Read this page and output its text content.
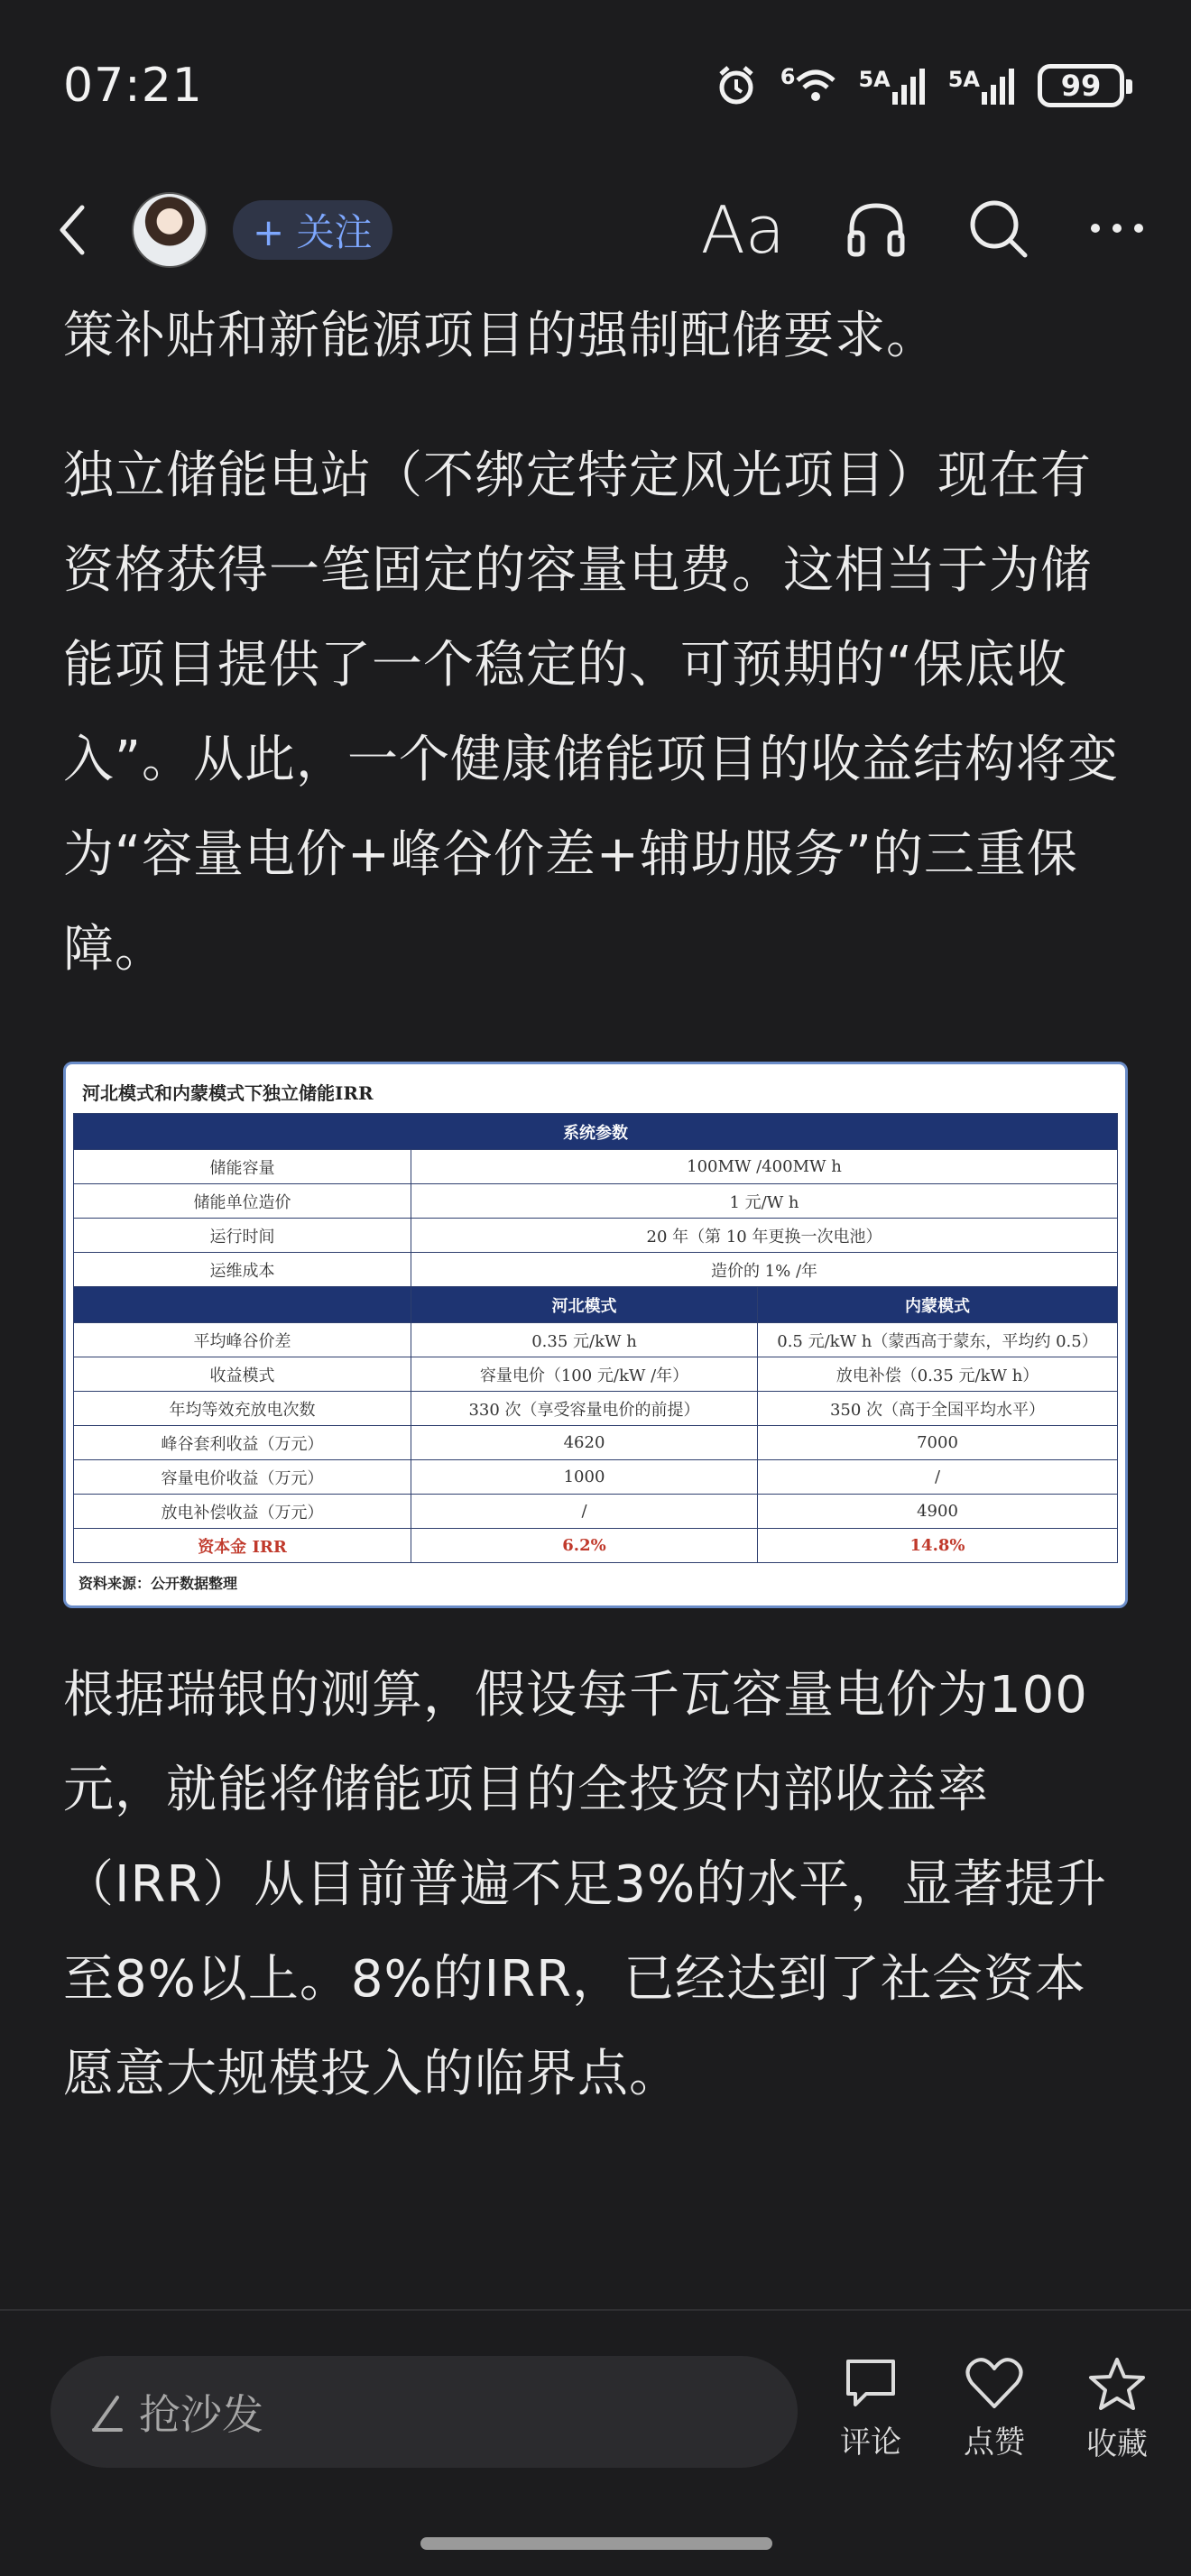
07:21	6	5A	5A	99
+ 关注	Aa

策补贴和新能源项目的强制配储要求。

独立储能电站（不绑定特定风光项目）现在有资格获得一笔固定的容量电费。这相当于为储能项目提供了一个稳定的、可预期的“保底收入”。从此，一个健康储能项目的收益结构将变为“容量电价+峰谷价差+辅助服务”的三重保障。

河北模式和内蒙模式下独立储能IRR
系统参数		
储能容量	100MW /400MW h	
储能单位造价	1 元/W h	
运行时间	20 年（第 10 年更换一次电池）	
运维成本	造价的 1% /年	
	河北模式	内蒙模式
平均峰谷价差	0.35 元/kW h	0.5 元/kW h（蒙西高于蒙东，平均约 0.5）
收益模式	容量电价（100 元/kW /年）	放电补偿（0.35 元/kW h）
年均等效充放电次数	330 次（享受容量电价的前提）	350 次（高于全国平均水平）
峰谷套利收益（万元）	4620	7000
容量电价收益（万元）	1000	/
放电补偿收益（万元）	/	4900
资本金 IRR	6.2%	14.8%
资料来源：公开数据整理

根据瑞银的测算，假设每千瓦容量电价为100元，就能将储能项目的全投资内部收益率（IRR）从目前普遍不足3%的水平，显著提升至8%以上。8%的IRR，已经达到了社会资本愿意大规模投入的临界点。

抢沙发
评论 点赞 收藏
